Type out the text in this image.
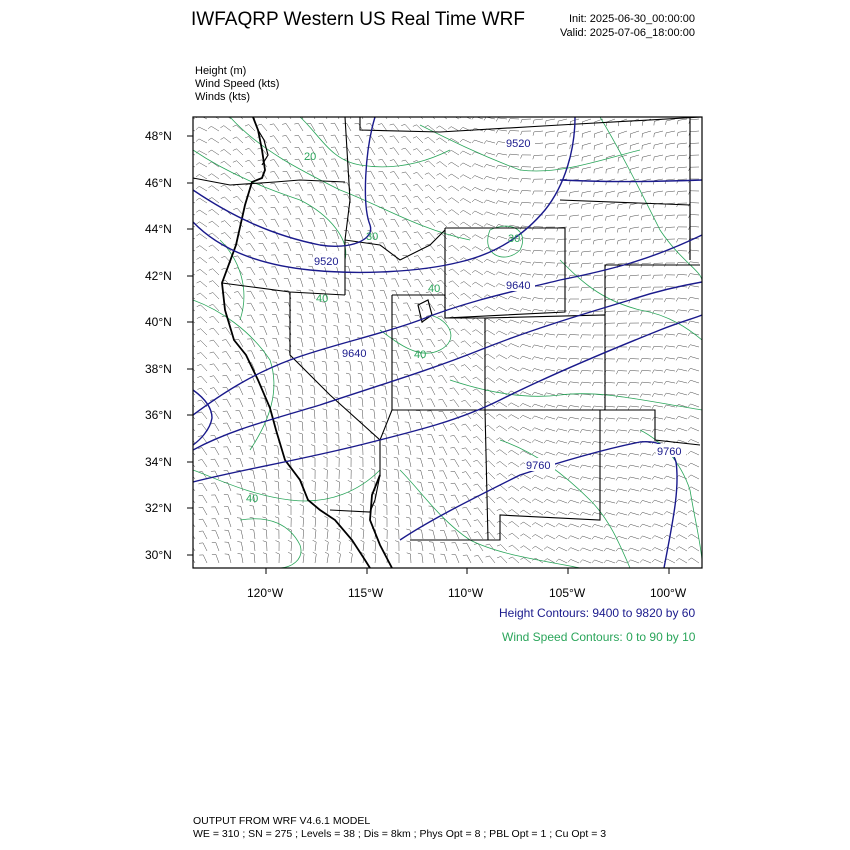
IWFAQRP Western US Real Time WRF	Init: 2025-06-30_00:00:00
Valid: 2025-07-06_18:00:00
Height (m)
Wind Speed (kts)
Winds (kts)
9520
9520
9640
9640
9760
9760
20
30	30
40
40
40
40
48°N
46°N
44°N
42°N
40°N
38°N
36°N
34°N
32°N
30°N
120°W	115°W	110°W	105°W	100°W
Height Contours: 9400 to 9820 by 60
Wind Speed Contours: 0 to 90 by 10
OUTPUT FROM WRF V4.6.1 MODEL
WE = 310 ; SN = 275 ; Levels = 38 ; Dis = 8km ; Phys Opt = 8 ; PBL Opt = 1 ; Cu Opt = 3
